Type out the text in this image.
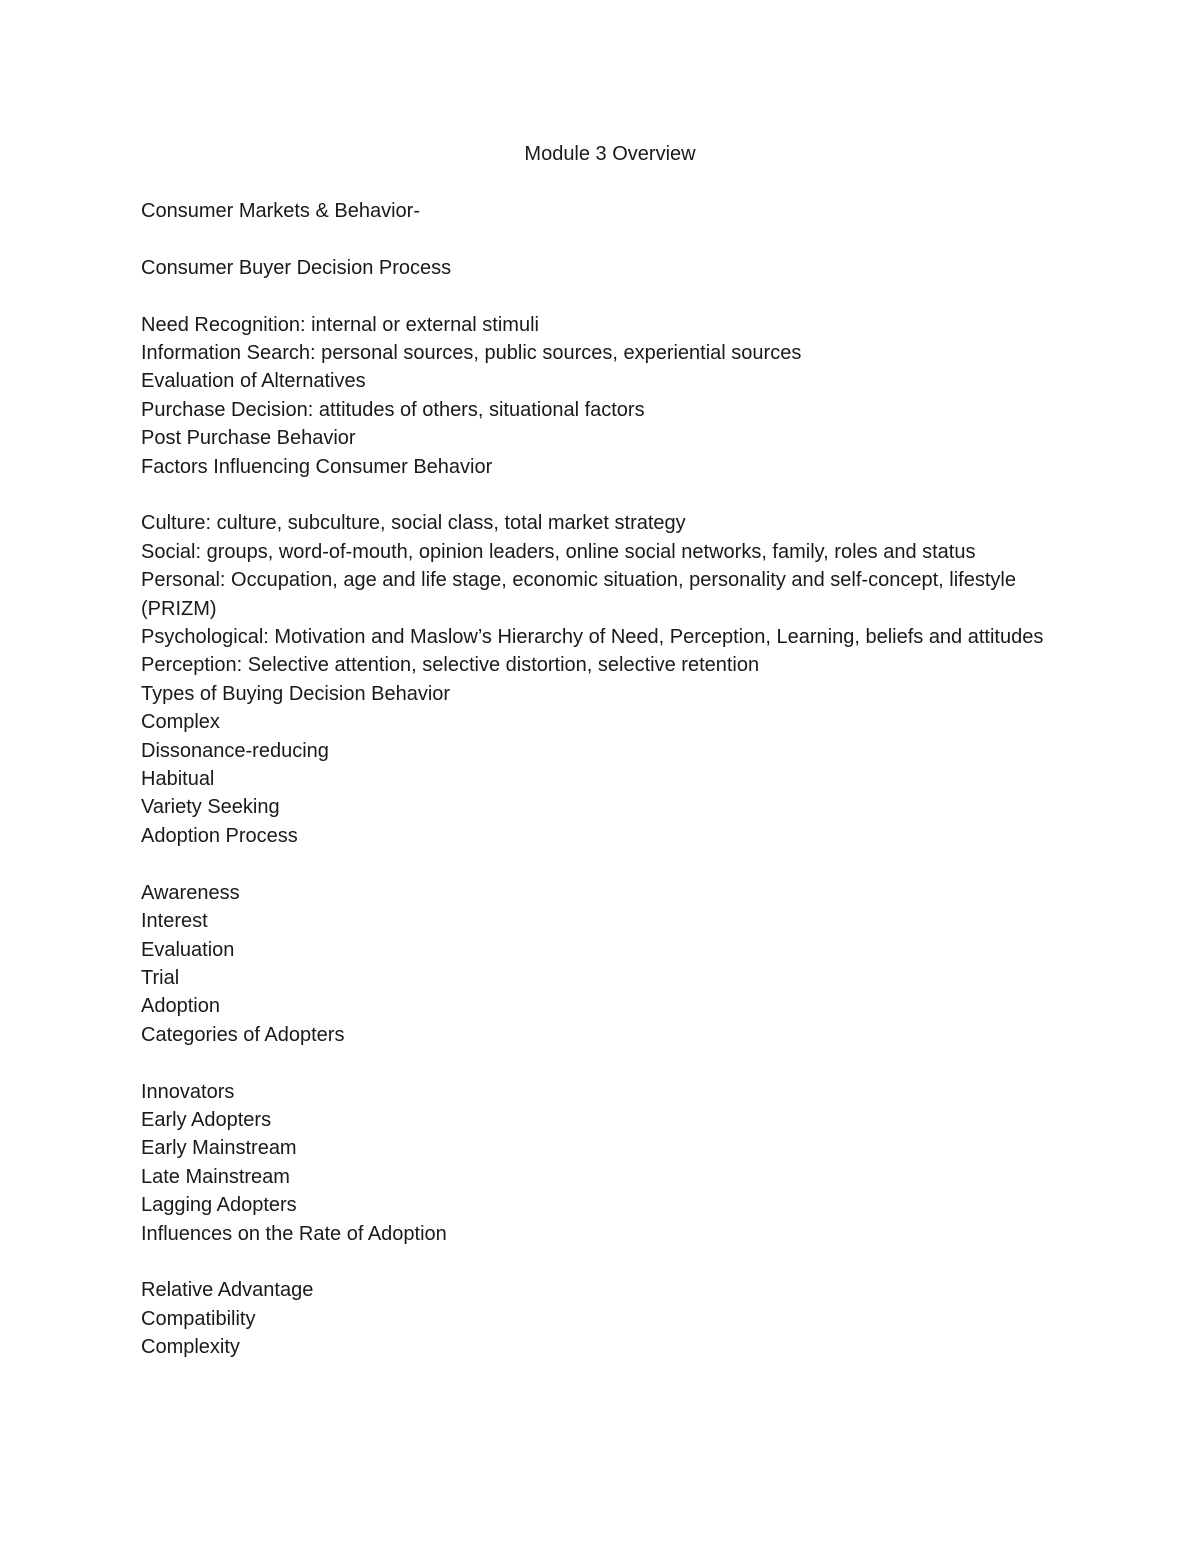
Module 3 Overview
Consumer Markets & Behavior-
Consumer Buyer Decision Process
Need Recognition: internal or external stimuli
Information Search: personal sources, public sources, experiential sources
Evaluation of Alternatives
Purchase Decision: attitudes of others, situational factors
Post Purchase Behavior
Factors Influencing Consumer Behavior
Culture: culture, subculture, social class, total market strategy
Social: groups, word-of-mouth, opinion leaders, online social networks, family, roles and status
Personal: Occupation, age and life stage, economic situation, personality and self-concept, lifestyle (PRIZM)
Psychological: Motivation and Maslow’s Hierarchy of Need, Perception, Learning, beliefs and attitudes
Perception: Selective attention, selective distortion, selective retention
Types of Buying Decision Behavior
Complex
Dissonance-reducing
Habitual
Variety Seeking
Adoption Process
Awareness
Interest
Evaluation
Trial
Adoption
Categories of Adopters
Innovators
Early Adopters
Early Mainstream
Late Mainstream
Lagging Adopters
Influences on the Rate of Adoption
Relative Advantage
Compatibility
Complexity
